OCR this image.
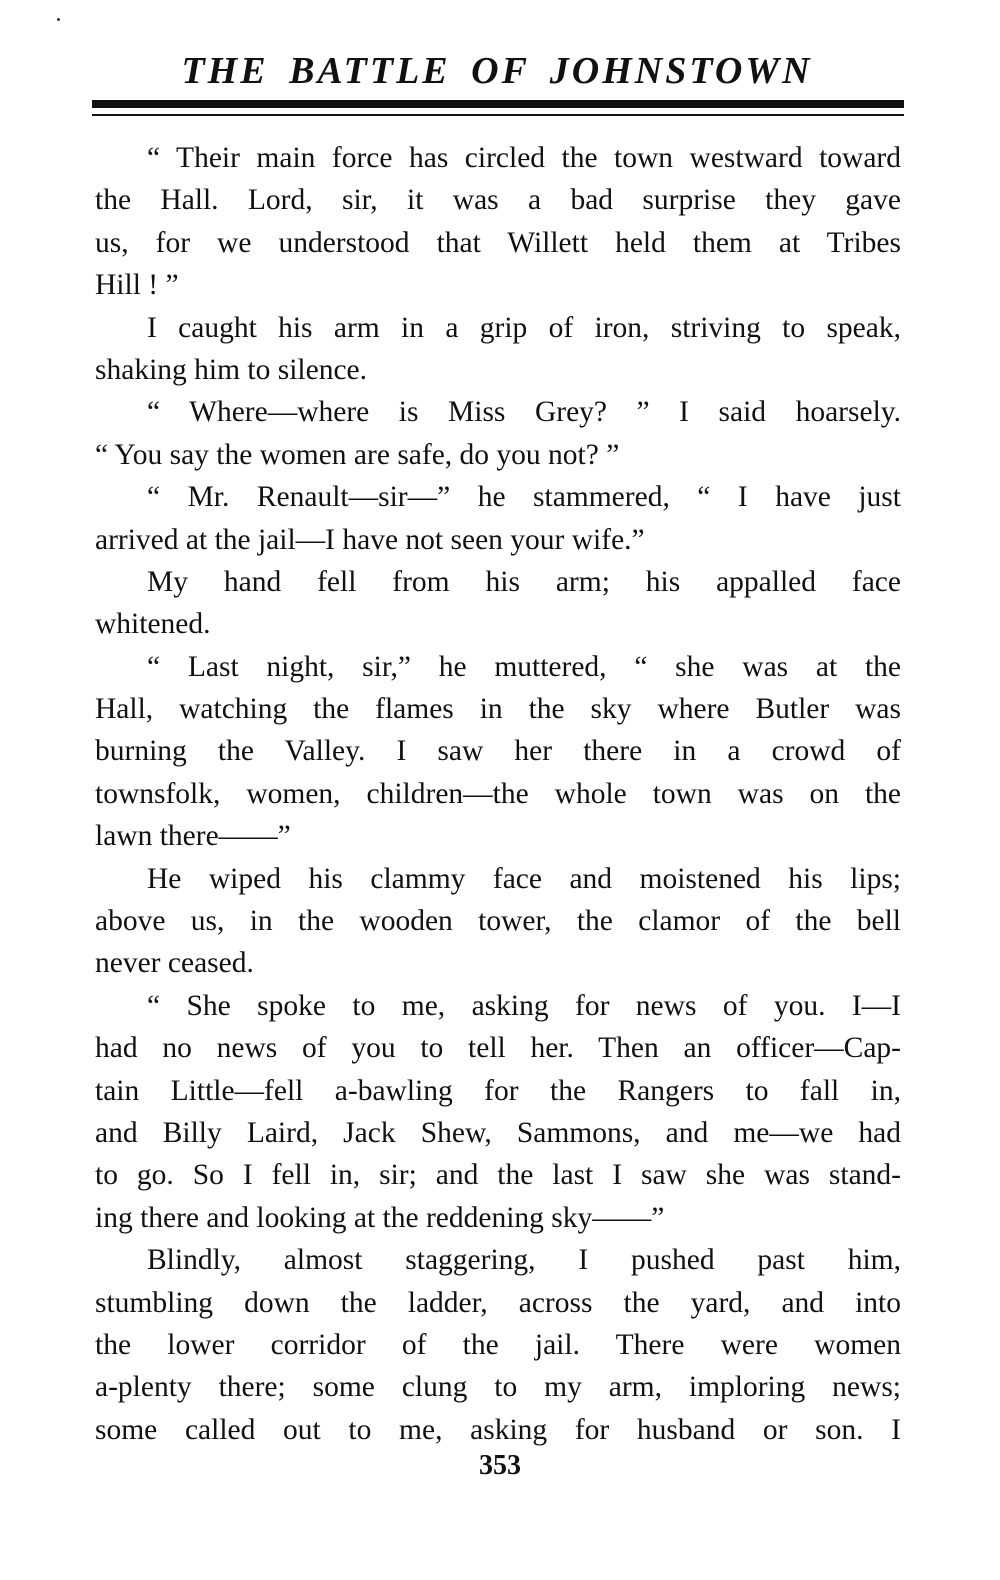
THE BATTLE OF JOHNSTOWN
“ Their main force has circled the town westward toward
the Hall. Lord, sir, it was a bad surprise they gave
us, for we understood that Willett held them at Tribes
Hill ! ”
I caught his arm in a grip of iron, striving to speak,
shaking him to silence.
“ Where—where is Miss Grey? ” I said hoarsely.
“ You say the women are safe, do you not? ”
“ Mr. Renault—sir—” he stammered, “ I have just
arrived at the jail—I have not seen your wife.”
My hand fell from his arm; his appalled face
whitened.
“ Last night, sir,” he muttered, “ she was at the
Hall, watching the flames in the sky where Butler was
burning the Valley. I saw her there in a crowd of
townsfolk, women, children—the whole town was on the
lawn there——”
He wiped his clammy face and moistened his lips;
above us, in the wooden tower, the clamor of the bell
never ceased.
“ She spoke to me, asking for news of you. I—I
had no news of you to tell her. Then an officer—Cap-
tain Little—fell a-bawling for the Rangers to fall in,
and Billy Laird, Jack Shew, Sammons, and me—we had
to go. So I fell in, sir; and the last I saw she was stand-
ing there and looking at the reddening sky——”
Blindly, almost staggering, I pushed past him,
stumbling down the ladder, across the yard, and into
the lower corridor of the jail. There were women
a-plenty there; some clung to my arm, imploring news;
some called out to me, asking for husband or son. I
353
